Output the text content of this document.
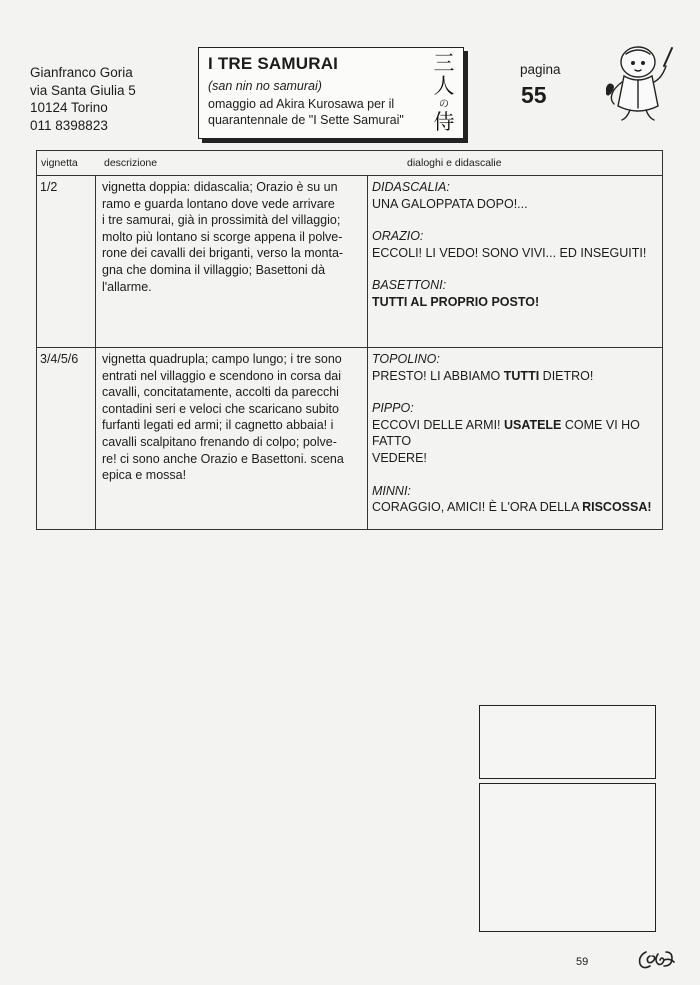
Gianfranco Goria
via Santa Giulia 5
10124 Torino
011 8398823
I TRE SAMURAI
(san nin no samurai)
omaggio ad Akira Kurosawa per il quarantennale de "I Sette Samurai"
三
人
の
侍
pagina
55
vignetta descrizione	dialoghi e didascalie
1/2	vignetta doppia: didascalia; Orazio è su un
ramo e guarda lontano dove vede arrivare
i tre samurai, già in prossimità del villaggio;
molto più lontano si scorge appena il polve-
rone dei cavalli dei briganti, verso la monta-
gna che domina il villaggio; Basettoni dà
l'allarme.
DIDASCALIA:
UNA GALOPPATA DOPO!...
ORAZIO:
ECCOLI! LI VEDO! SONO VIVI... ED INSEGUITI!
BASETTONI:
TUTTI AL PROPRIO POSTO!
3/4/5/6 vignetta quadrupla; campo lungo; i tre sono
entrati nel villaggio e scendono in corsa dai
cavalli, concitatamente, accolti da parecchi
contadini seri e veloci che scaricano subito
furfanti legati ed armi; il cagnetto abbaia! i
cavalli scalpitano frenando di colpo; polve-
re! ci sono anche Orazio e Basettoni. scena
epica e mossa!
TOPOLINO:
PRESTO! LI ABBIAMO TUTTI DIETRO!
PIPPO:
ECCOVI DELLE ARMI! USATELE COME VI HO FATTO
VEDERE!
MINNI:
CORAGGIO, AMICI! È L'ORA DELLA RISCOSSA!
59
